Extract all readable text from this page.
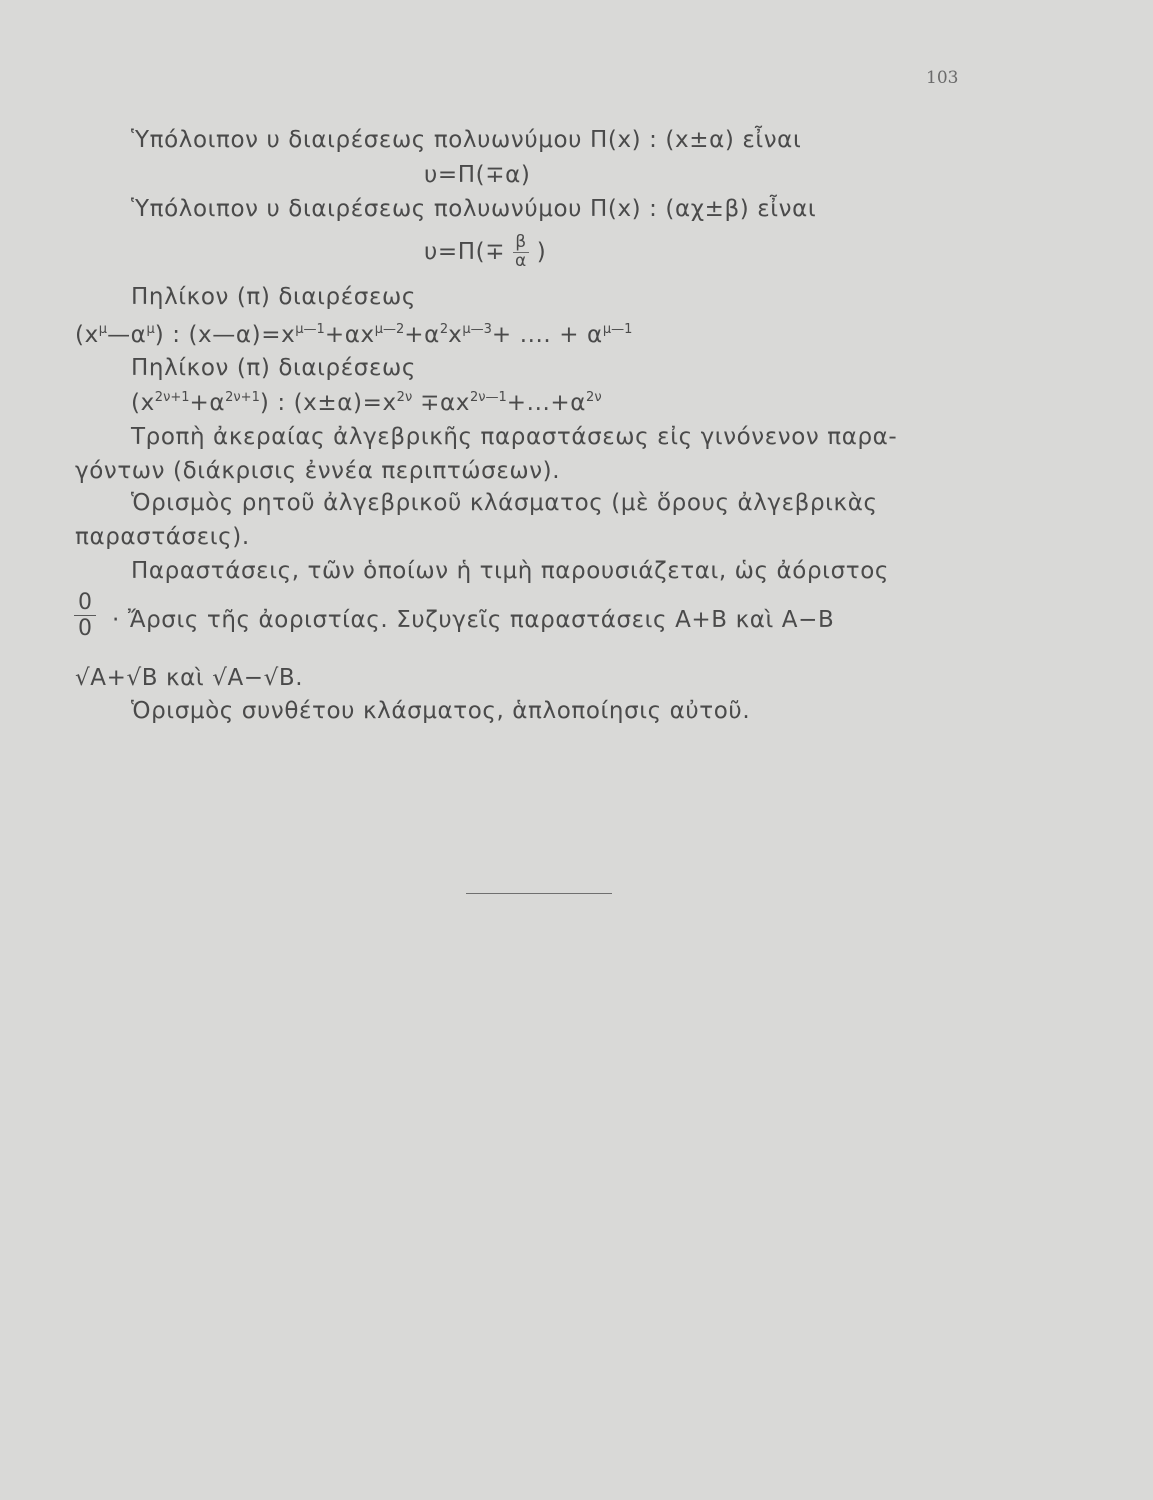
103
Ὑπόλοιπον υ διαιρέσεως πολυωνύμου Π(x) : (x±α) εἶναι
υ=Π(∓α)
Ὑπόλοιπον υ διαιρέσεως πολυωνύμου Π(x) : (αχ±β) εἶναι
$\upsilon=\Pi(\mp \frac{\beta}{\alpha}$ )
Πηλίκον (π) διαιρέσεως
$(x^\mu—\alpha^\mu)$ : $(x—\alpha)=x^{\mu—1}+\alpha x^{\mu—2}+\alpha^2x^{\mu—3}+$ .... + $\alpha^{\mu—1}$
Πηλίκον (π) διαιρέσεως
$(x^{2\nu+1}+\alpha^{2\nu+1})$ : $(x\pm\alpha)=x^{2\nu} \mp\alpha x^{2\nu—1}+...+\alpha^{2\nu}$
Τροπὴ ἀκεραίας ἀλγεβρικῆς παραστάσεως εἰς γινόνενον παρα-
γόντων (διάκρισις ἐννέα περιπτώσεων).
Ὁρισμὸς ρητοῦ ἀλγεβρικοῦ κλάσματος (μὲ ὅρους ἀλγεβρικὰς
παραστάσεις).
Παραστάσεις, τῶν ὁποίων ἡ τιμὴ παρουσιάζεται, ὡς ἀόριστος
$\frac{0}{0}$ · Ἄρσις τῆς ἀοριστίας. Συζυγεῖς παραστάσεις Α+Β καὶ Α−Β
√A+√B καὶ √A−√B.
Ὁρισμὸς συνθέτου κλάσματος, ἁπλοποίησις αὐτοῦ.
